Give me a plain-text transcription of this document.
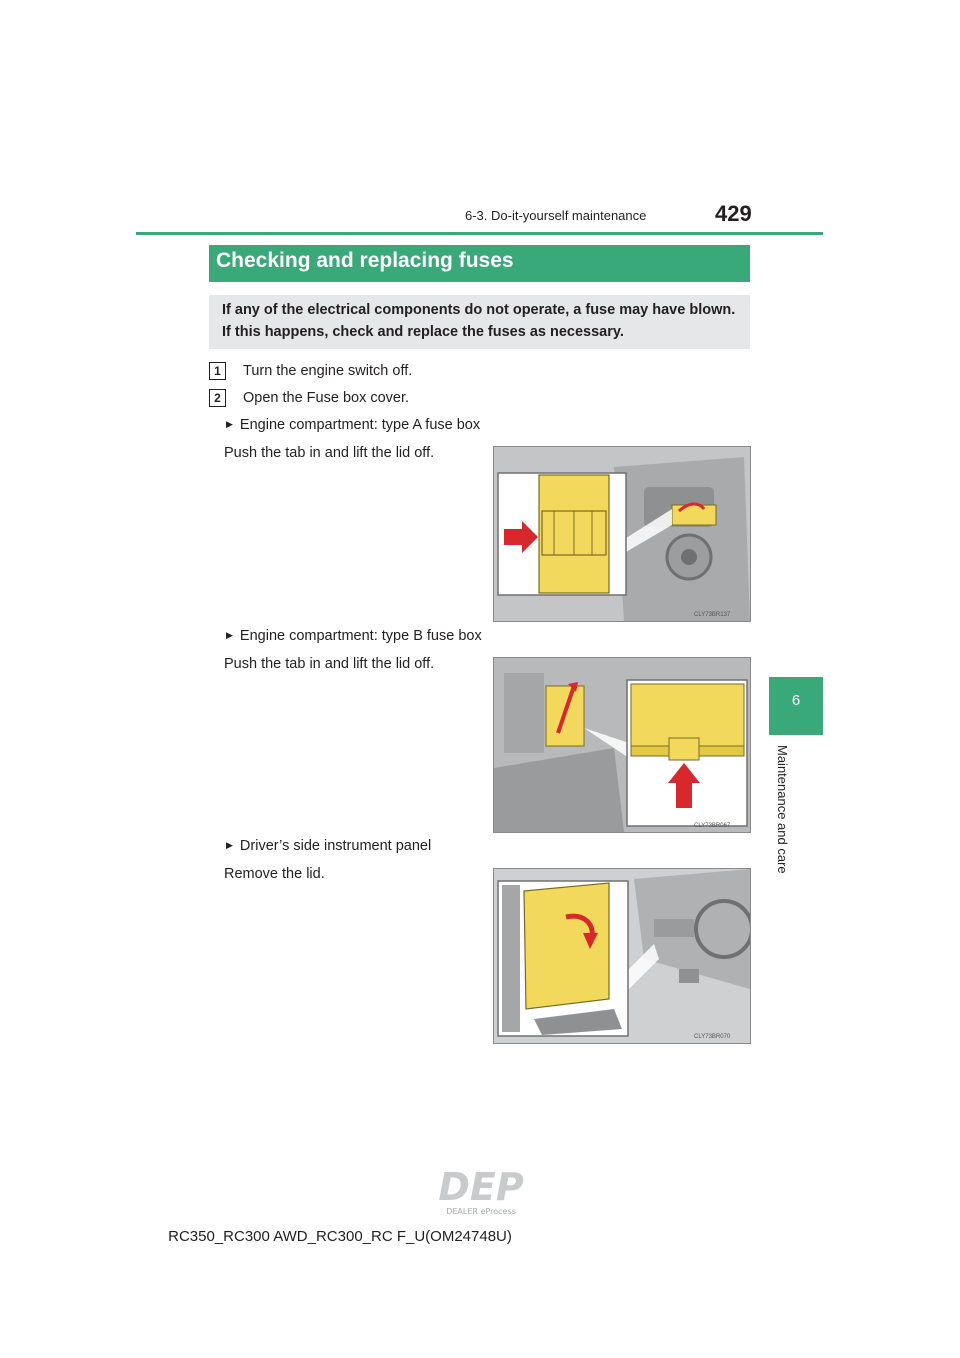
6-3. Do-it-yourself maintenance	429
6
Maintenance and care
Checking and replacing fuses
If any of the electrical components do not operate, a fuse may have blown. If this happens, check and replace the fuses as necessary.
1	Turn the engine switch off.
2	Open the Fuse box cover.
▶ Engine compartment: type A fuse box
Push the tab in and lift the lid off.
CLY73BR137
▶ Engine compartment: type B fuse box
Push the tab in and lift the lid off.
CLY73BR067
▶ Driver’s side instrument panel
Remove the lid.
CLY73BR070
DEP
DEALER eProcess
RC350_RC300 AWD_RC300_RC F_U(OM24748U)
